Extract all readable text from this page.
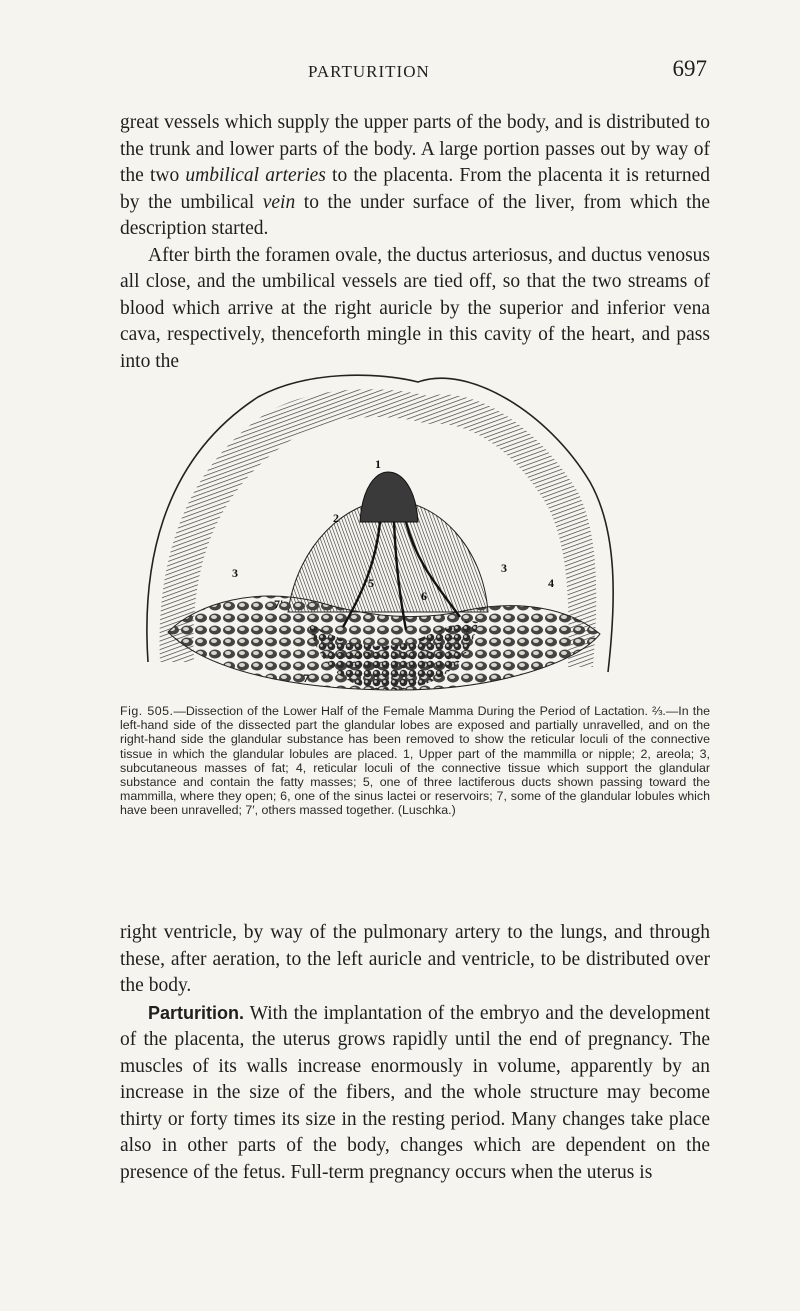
PARTURITION	697

great vessels which supply the upper parts of the body, and is distributed to the trunk and lower parts of the body. A large portion passes out by way of the two umbilical arteries to the placenta. From the placenta it is returned by the umbilical vein to the under surface of the liver, from which the description started.

After birth the foramen ovale, the ductus arteriosus, and ductus venosus all close, and the umbilical vessels are tied off, so that the two streams of blood which arrive at the right auricle by the superior and inferior vena cava, respectively, thenceforth mingle in this cavity of the heart, and pass into the

1
2
3	3
4
5
6
7
7'

Fig. 505.—Dissection of the Lower Half of the Female Mamma During the Period of Lactation. ⅔.—In the left-hand side of the dissected part the glandular lobes are exposed and partially unravelled, and on the right-hand side the glandular substance has been removed to show the reticular loculi of the connective tissue in which the glandular lobules are placed. 1, Upper part of the mammilla or nipple; 2, areola; 3, subcutaneous masses of fat; 4, reticular loculi of the connective tissue which support the glandular substance and contain the fatty masses; 5, one of three lactiferous ducts shown passing toward the mammilla, where they open; 6, one of the sinus lactei or reservoirs; 7, some of the glandular lobules which have been unravelled; 7′, others massed together. (Luschka.)

right ventricle, by way of the pulmonary artery to the lungs, and through these, after aeration, to the left auricle and ventricle, to be distributed over the body.

Parturition. With the implantation of the embryo and the development of the placenta, the uterus grows rapidly until the end of pregnancy. The muscles of its walls increase enormously in volume, apparently by an increase in the size of the fibers, and the whole structure may become thirty or forty times its size in the resting period. Many changes take place also in other parts of the body, changes which are dependent on the presence of the fetus. Full-term pregnancy occurs when the uterus is
